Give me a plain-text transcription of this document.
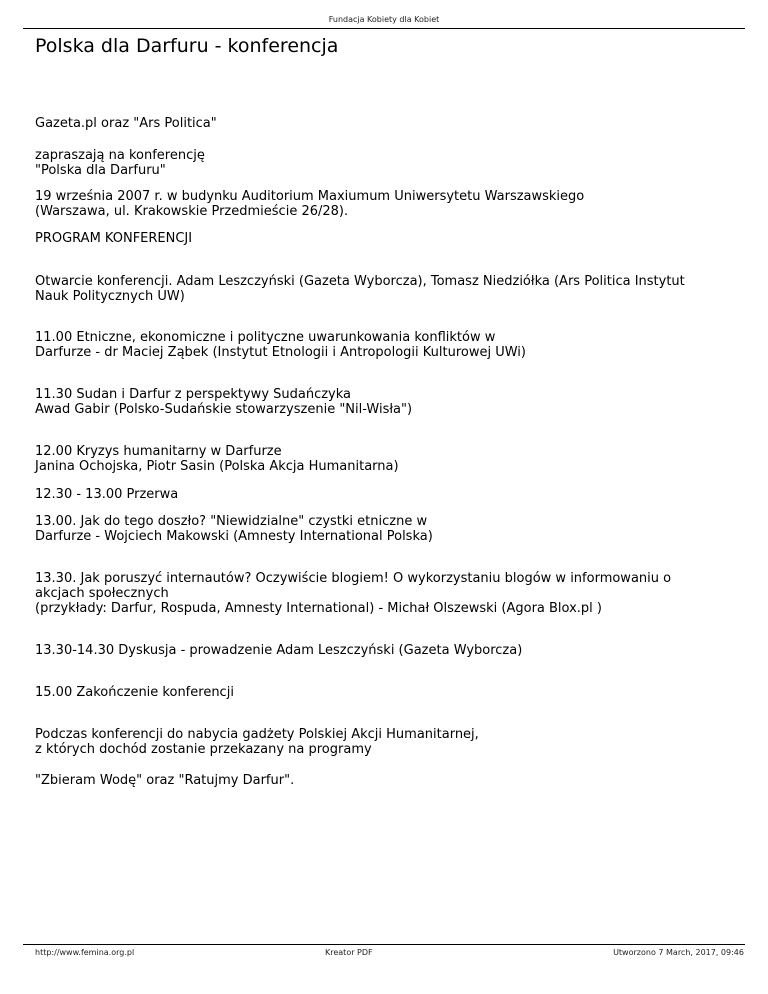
Fundacja Kobiety dla Kobiet
Polska dla Darfuru - konferencja

Gazeta.pl oraz "Ars Politica"

zapraszają na konferencję
"Polska dla Darfuru"

19 września 2007 r. w budynku Auditorium Maxiumum Uniwersytetu Warszawskiego
(Warszawa, ul. Krakowskie Przedmieście 26/28).

PROGRAM KONFERENCJI

Otwarcie konferencji. Adam Leszczyński (Gazeta Wyborcza), Tomasz Niedziółka (Ars Politica Instytut
Nauk Politycznych UW)

11.00 Etniczne, ekonomiczne i polityczne uwarunkowania konfliktów w
Darfurze - dr Maciej Ząbek (Instytut Etnologii i Antropologii Kulturowej UWi)

11.30 Sudan i Darfur z perspektywy Sudańczyka
Awad Gabir (Polsko-Sudańskie stowarzyszenie "Nil-Wisła")

12.00 Kryzys humanitarny w Darfurze
Janina Ochojska, Piotr Sasin (Polska Akcja Humanitarna)

12.30 - 13.00 Przerwa

13.00. Jak do tego doszło? "Niewidzialne" czystki etniczne w
Darfurze - Wojciech Makowski (Amnesty International Polska)

13.30. Jak poruszyć internautów? Oczywiście blogiem! O wykorzystaniu blogów w informowaniu o
akcjach społecznych
(przykłady: Darfur, Rospuda, Amnesty International) - Michał Olszewski (Agora Blox.pl )

13.30-14.30 Dyskusja - prowadzenie Adam Leszczyński (Gazeta Wyborcza)

15.00 Zakończenie konferencji

Podczas konferencji do nabycia gadżety Polskiej Akcji Humanitarnej,
z których dochód zostanie przekazany na programy

"Zbieram Wodę" oraz "Ratujmy Darfur".

http://www.femina.org.pl	Kreator PDF	Utworzono 7 March, 2017, 09:46
